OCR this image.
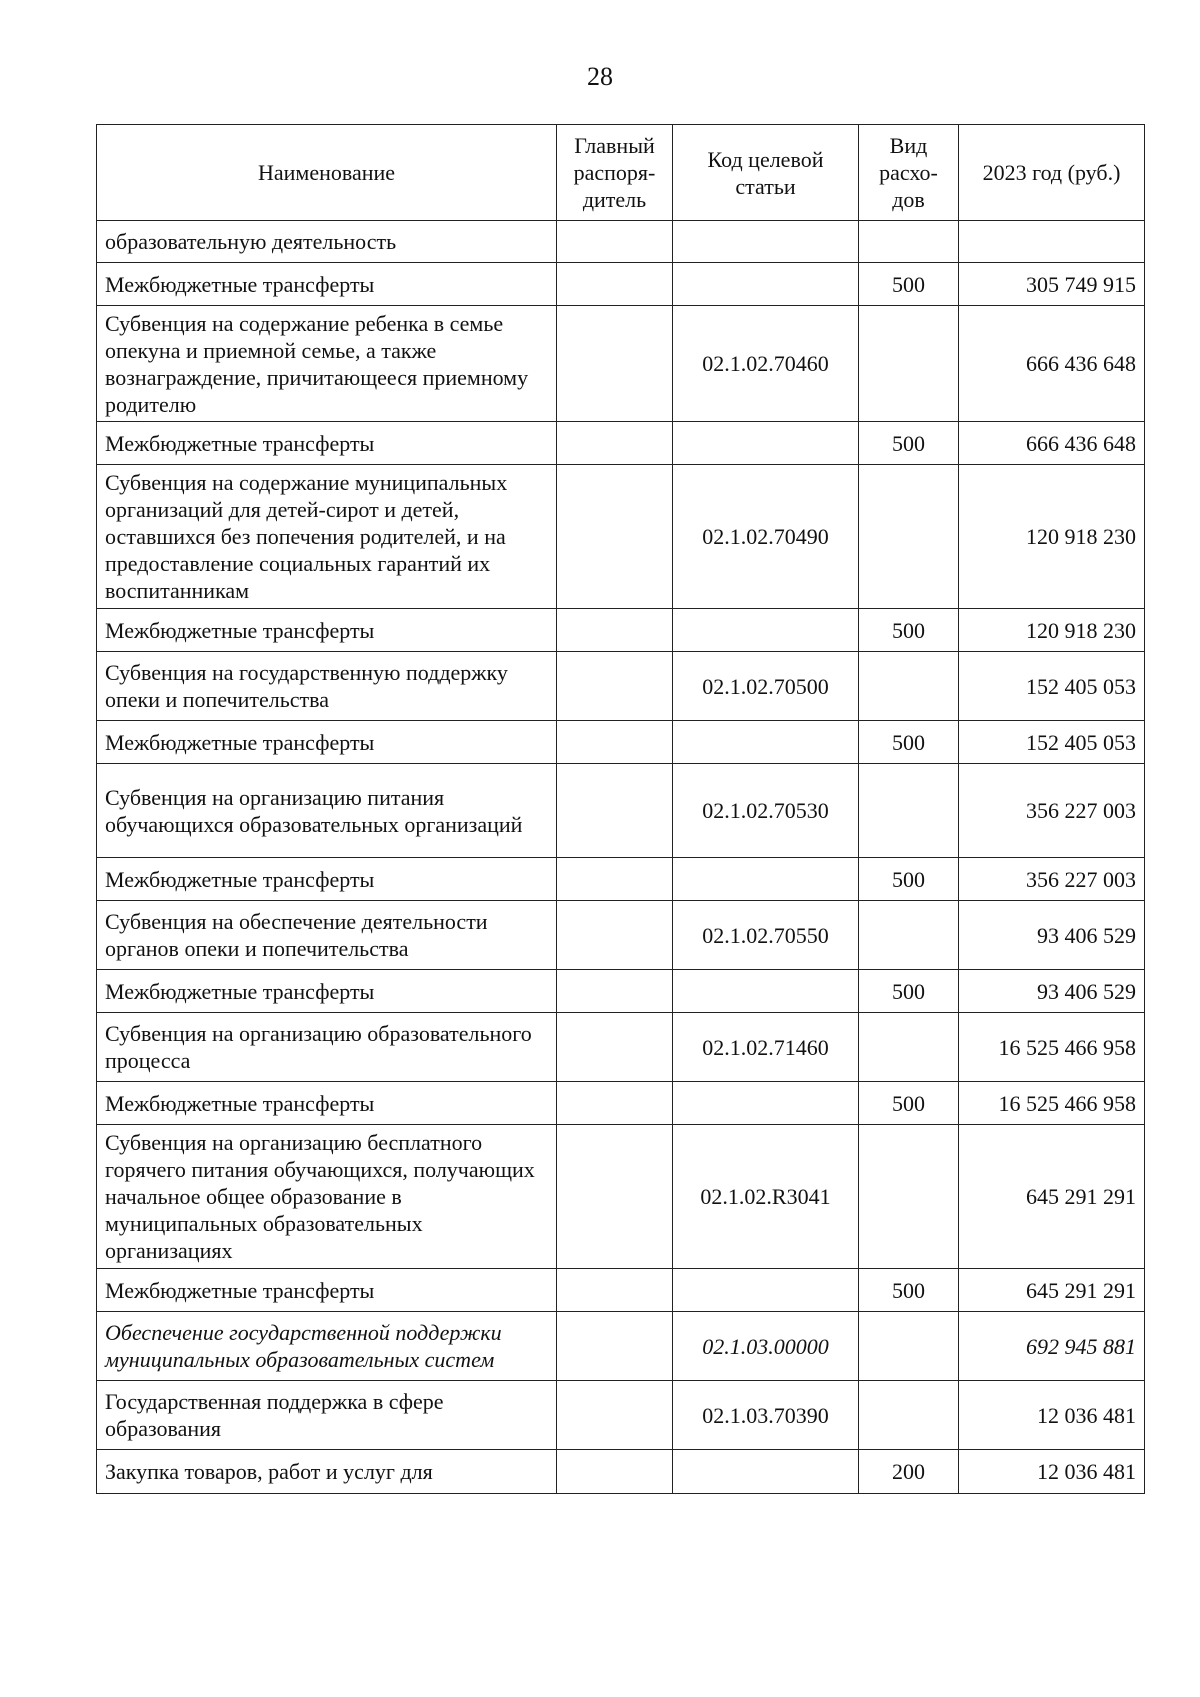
28
Наименование	Главный распоря- дитель	Код целевой статьи	Вид расхо- дов	2023 год (руб.)
образовательную деятельность				
Межбюджетные трансферты			500	305 749 915
Субвенция на содержание ребенка в семье опекуна и приемной семье, а также вознаграждение, причитающееся приемному родителю		02.1.02.70460		666 436 648
Межбюджетные трансферты			500	666 436 648
Субвенция на содержание муниципальных организаций для детей-сирот и детей, оставшихся без попечения родителей, и на предоставление социальных гарантий их воспитанникам		02.1.02.70490		120 918 230
Межбюджетные трансферты			500	120 918 230
Субвенция на государственную поддержку опеки и попечительства		02.1.02.70500		152 405 053
Межбюджетные трансферты			500	152 405 053
Субвенция на организацию питания обучающихся образовательных организаций		02.1.02.70530		356 227 003
Межбюджетные трансферты			500	356 227 003
Субвенция на обеспечение деятельности органов опеки и попечительства		02.1.02.70550		93 406 529
Межбюджетные трансферты			500	93 406 529
Субвенция на организацию образовательного процесса		02.1.02.71460		16 525 466 958
Межбюджетные трансферты			500	16 525 466 958
Субвенция на организацию бесплатного горячего питания обучающихся, получающих начальное общее образование в муниципальных образовательных организациях		02.1.02.R3041		645 291 291
Межбюджетные трансферты			500	645 291 291
Обеспечение государственной поддержки муниципальных образовательных систем		02.1.03.00000		692 945 881
Государственная поддержка в сфере образования		02.1.03.70390		12 036 481
Закупка товаров, работ и услуг для			200	12 036 481
